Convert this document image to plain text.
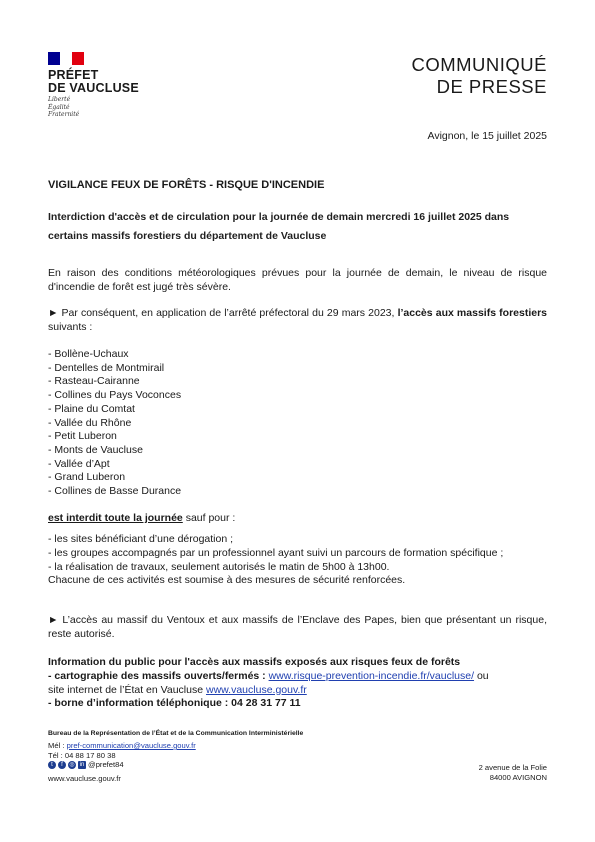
PRÉFET
DE VAUCLUSE
Liberté
Égalité
Fraternité
COMMUNIQUÉ
DE PRESSE
Avignon, le 15 juillet 2025
VIGILANCE FEUX DE FORÊTS - RISQUE D'INCENDIE
Interdiction d'accès et de circulation pour la journée de demain mercredi 16 juillet 2025 dans certains massifs forestiers du département de Vaucluse
En raison des conditions météorologiques prévues pour la journée de demain, le niveau de risque d'incendie de forêt est jugé très sévère.
► Par conséquent, en application de l’arrêté préfectoral du 29 mars 2023, l’accès aux massifs forestiers suivants :
- Bollène-Uchaux
- Dentelles de Montmirail
- Rasteau-Cairanne
- Collines du Pays Voconces
- Plaine du Comtat
- Vallée du Rhône
- Petit Luberon
- Monts de Vaucluse
- Vallée d’Apt
- Grand Luberon
- Collines de Basse Durance
est interdit toute la journée sauf pour :
- les sites bénéficiant d’une dérogation ;
- les groupes accompagnés par un professionnel ayant suivi un parcours de formation spécifique ;
- la réalisation de travaux, seulement autorisés le matin de 5h00 à 13h00.
Chacune de ces activités est soumise à des mesures de sécurité renforcées.
► L’accès au massif du Ventoux et aux massifs de l’Enclave des Papes, bien que présentant un risque, reste autorisé.
Information du public pour l'accès aux massifs exposés aux risques feux de forêts
- cartographie des massifs ouverts/fermés : www.risque-prevention-incendie.fr/vaucluse/ ou
site internet de l’État en Vaucluse www.vaucluse.gouv.fr
- borne d’information téléphonique : 04 28 31 77 11
Bureau de la Représentation de l’État et de la Communication Interministérielle
Mél : pref-communication@vaucluse.gouv.fr
Tél : 04 88 17 80 38
t	f	◎ in @prefet84
www.vaucluse.gouv.fr
2 avenue de la Folie
84000 AVIGNON
